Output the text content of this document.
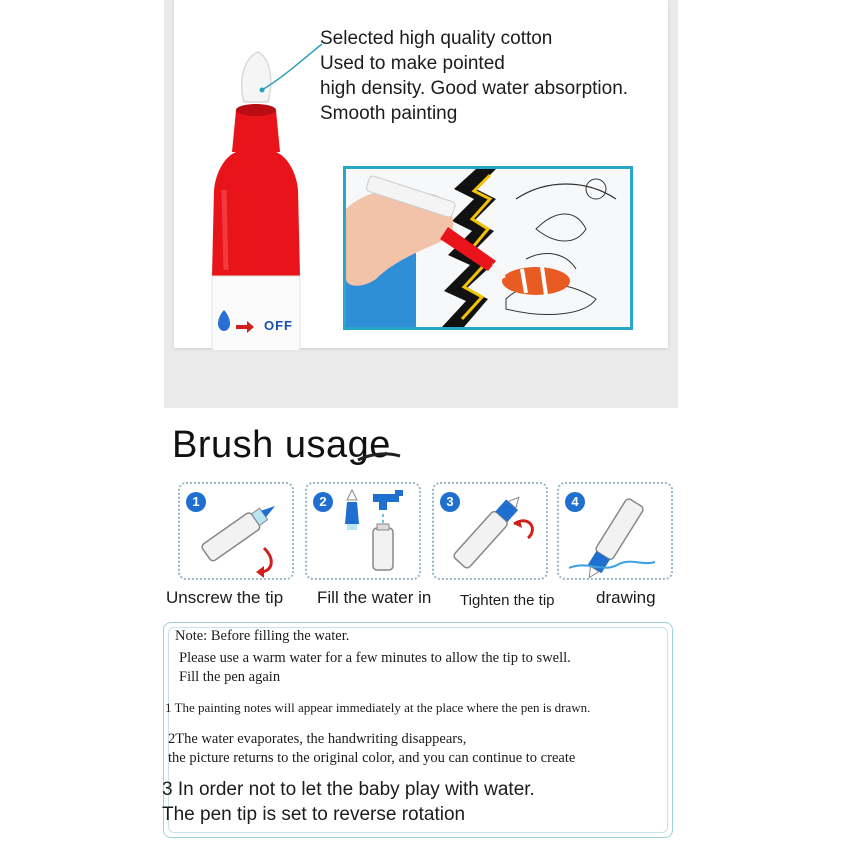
OFF
Selected high quality cotton
Used to make pointed
high density. Good water absorption.
Smooth painting
Brush usage
1	2	3	4
Unscrew the tip Fill the water in Tighten the tip drawing
Note: Before filling the water.
Please use a warm water for a few minutes to allow the tip to swell.
Fill the pen again
1 The painting notes will appear immediately at the place where the pen is drawn.
2The water evaporates, the handwriting disappears,
the picture returns to the original color, and you can continue to create
3 In order not to let the baby play with water.
The pen tip is set to reverse rotation
